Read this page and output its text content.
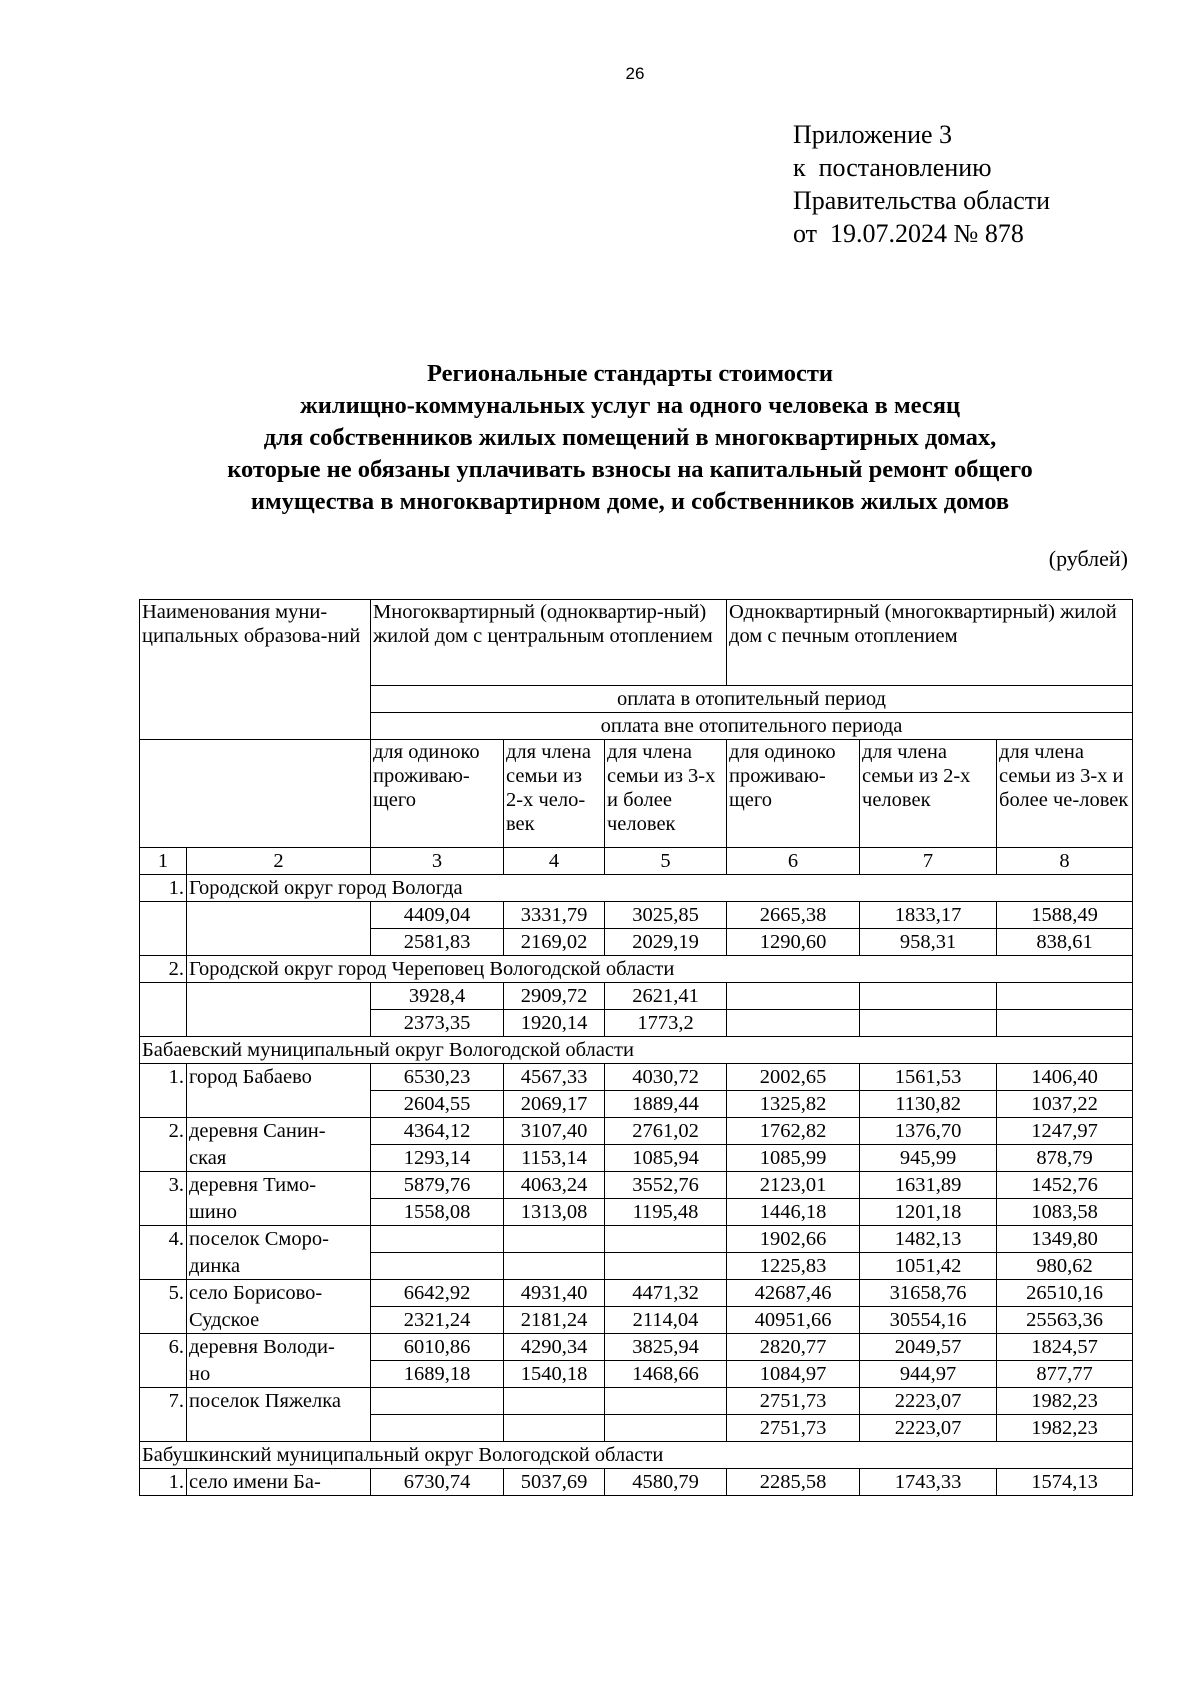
26
Приложение 3
к  постановлению
Правительства области
от  19.07.2024 № 878
Региональные стандарты стоимости
жилищно-коммунальных услуг на одного человека в месяц
для собственников жилых помещений в многоквартирных домах,
которые не обязаны уплачивать взносы на капитальный ремонт общего
имущества в многоквартирном доме, и собственников жилых домов
(рублей)
Наименования муни-ципальных образова-ний		Многоквартирный (одноквартир-ный) жилой дом с центральным отоплением			Одноквартирный (многоквартирный) жилой дом с печным отоплением		
		оплата в отопительный период					
		оплата вне отопительного периода					
		для одиноко проживаю-щего	для члена семьи из 2-х чело-век	для члена семьи из 3-х и более человек	для одиноко проживаю-щего	для члена семьи из 2-х человек	для члена семьи из 3-х и более че-ловек
1	2	3	4	5	6	7	8
1.	Городской округ город Вологда						
		4409,04	3331,79	3025,85	2665,38	1833,17	1588,49
		2581,83	2169,02	2029,19	1290,60	958,31	838,61
2.	Городской округ город Череповец Вологодской области						
		3928,4	2909,72	2621,41			
		2373,35	1920,14	1773,2			
Бабаевский муниципальный округ Вологодской области							
1.	город Бабаево	6530,23	4567,33	4030,72	2002,65	1561,53	1406,40
		2604,55	2069,17	1889,44	1325,82	1130,82	1037,22
2.	деревня Санин-	4364,12	3107,40	2761,02	1762,82	1376,70	1247,97
	ская	1293,14	1153,14	1085,94	1085,99	945,99	878,79
3.	деревня Тимо-	5879,76	4063,24	3552,76	2123,01	1631,89	1452,76
	шино	1558,08	1313,08	1195,48	1446,18	1201,18	1083,58
4.	поселок Сморо-				1902,66	1482,13	1349,80
	динка				1225,83	1051,42	980,62
5.	село Борисово-	6642,92	4931,40	4471,32	42687,46	31658,76	26510,16
	Судское	2321,24	2181,24	2114,04	40951,66	30554,16	25563,36
6.	деревня Володи-	6010,86	4290,34	3825,94	2820,77	2049,57	1824,57
	но	1689,18	1540,18	1468,66	1084,97	944,97	877,77
7.	поселок Пяжелка				2751,73	2223,07	1982,23
					2751,73	2223,07	1982,23
Бабушкинский муниципальный округ Вологодской области							
1.	село имени Ба-	6730,74	5037,69	4580,79	2285,58	1743,33	1574,13
